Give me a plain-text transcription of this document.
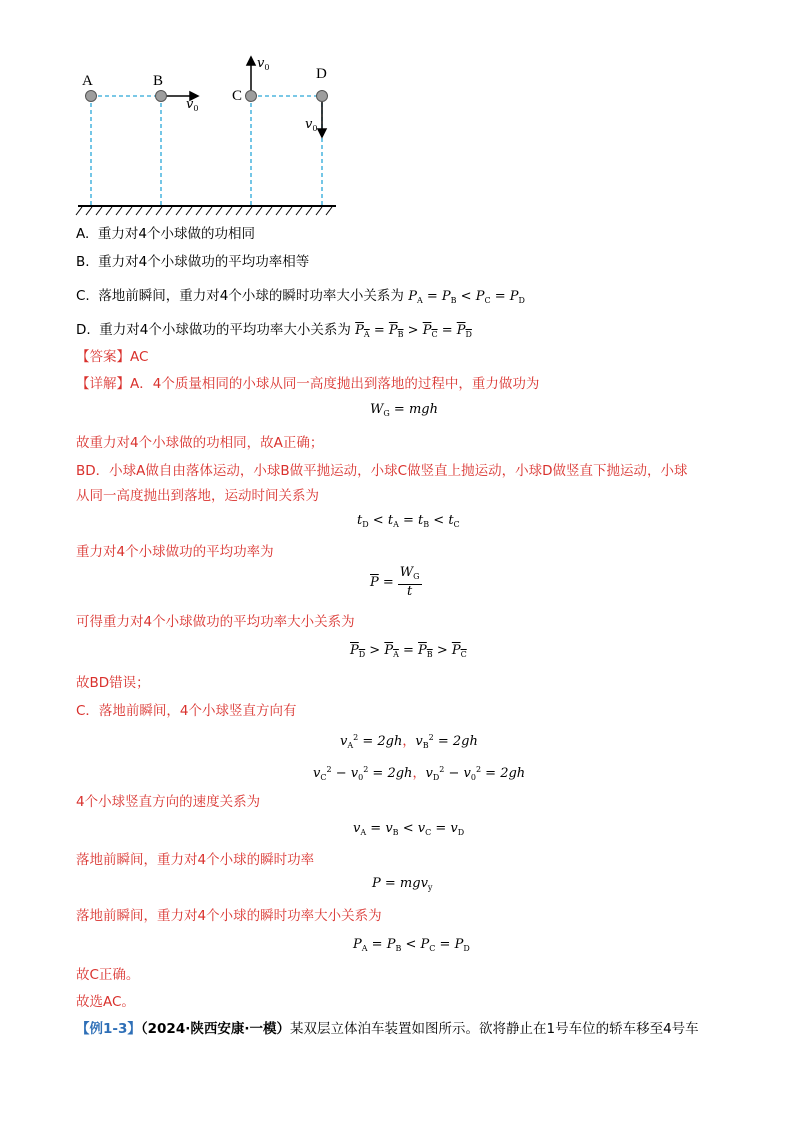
A	B
C
D
$v_0$
$v_0$
$v_0$
A. 重力对4个小球做的功相同
B. 重力对4个小球做功的平均功率相等
C. 落地前瞬间，重力对4个小球的瞬时功率大小关系为 $P_A = P_B < P_C = P_D$
D. 重力对4个小球做功的平均功率大小关系为 $P_A = P_B > P_C = P_D$
【答案】AC
【详解】A．4个质量相同的小球从同一高度抛出到落地的过程中，重力做功为
$W_G$ = mgh
故重力对4个小球做的功相同，故A正确；
BD．小球A做自由落体运动，小球B做平抛运动，小球C做竖直上抛运动，小球D做竖直下抛运动，小球
从同一高度抛出到落地，运动时间关系为
$t_D < t_A = t_B < t_C$
重力对4个小球做功的平均功率为
$\overline{P} = \frac{W_G}{t}$
可得重力对4个小球做功的平均功率大小关系为
$P_D > P_A = P_B > P_C$
故BD错误；
C．落地前瞬间，4个小球竖直方向有
$v_A^2 = 2gh$，$v_B^2 = 2gh$
$v_C^2 - v_0^2 = 2gh$，$v_D^2 - v_0^2 = 2gh$
4个小球竖直方向的速度关系为
$v_A = v_B < v_C = v_D$
落地前瞬间，重力对4个小球的瞬时功率
P = mgv$_y$
落地前瞬间，重力对4个小球的瞬时功率大小关系为
$P_A = P_B < P_C = P_D$
故C正确。
故选AC。
【例1-3】（2024·陕西安康·一模）某双层立体泊车装置如图所示。欲将静止在1号车位的轿车移至4号车
